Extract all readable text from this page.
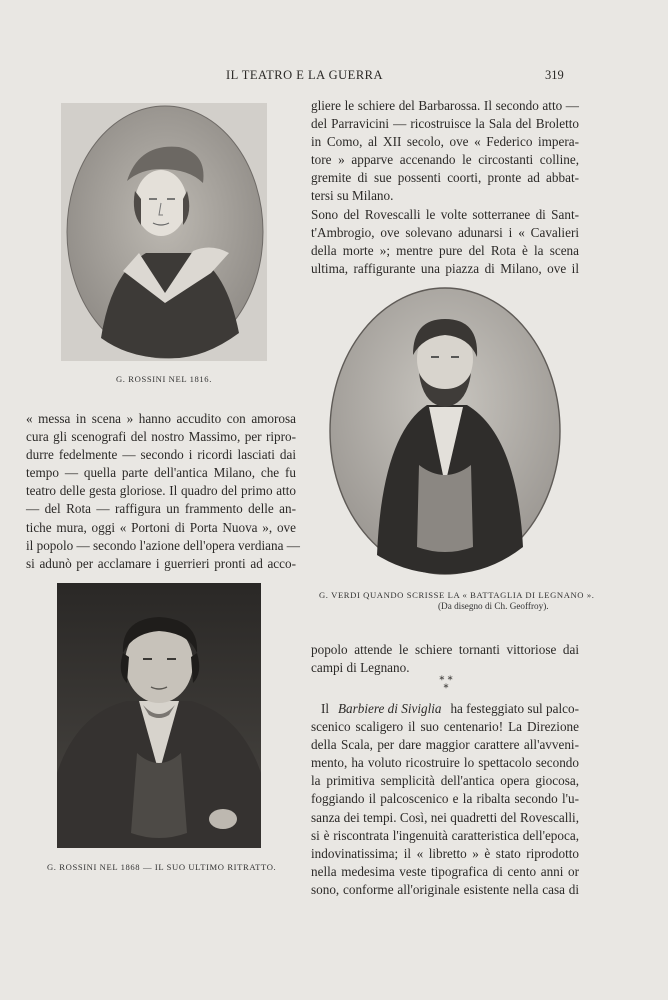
IL TEATRO E LA GUERRA	319
G. ROSSINI NEL 1816.
gliere le schiere del Barbarossa. Il secondo atto —
del Parravicini — ricostruisce la Sala del Broletto
in Como, al XII secolo, ove « Federico impera-
tore » apparve accenando le circostanti colline,
gremite di sue possenti coorti, pronte ad abbat-
tersi su Milano.
Sono del Rovescalli le volte sotterranee di Sant-
t'Ambrogio, ove solevano adunarsi i « Cavalieri
della morte »; mentre pure del Rota è la scena
ultima, raffigurante una piazza di Milano, ove il
G. VERDI QUANDO SCRISSE LA « BATTAGLIA DI LEGNANO ».
(Da disegno di Ch. Geoffroy).
« messa in scena » hanno accudito con amorosa
cura gli scenografi del nostro Massimo, per ripro-
durre fedelmente — secondo i ricordi lasciati dai
tempo — quella parte dell'antica Milano, che fu
teatro delle gesta gloriose. Il quadro del primo atto
— del Rota — raffigura un frammento delle an-
tiche mura, oggi « Portoni di Porta Nuova », ove
il popolo — secondo l'azione dell'opera verdiana —
si adunò per acclamare i guerrieri pronti ad acco-
G. ROSSINI NEL 1868 — IL SUO ULTIMO RITRATTO.
popolo attende le schiere tornanti vittoriose dai
campi di Legnano.
* * *
Il Barbiere di Siviglia ha festeggiato sul palco-
scenico scaligero il suo centenario! La Direzione
della Scala, per dare maggior carattere all'avveni-
mento, ha voluto ricostruire lo spettacolo secondo
la primitiva semplicità dell'antica opera giocosa,
foggiando il palcoscenico e la ribalta secondo l'u-
sanza dei tempi. Così, nei quadretti del Rovescalli,
si è riscontrata l'ingenuità caratteristica dell'epoca,
indovinatissima; il « libretto » è stato riprodotto
nella medesima veste tipografica di cento anni or
sono, conforme all'originale esistente nella casa di
